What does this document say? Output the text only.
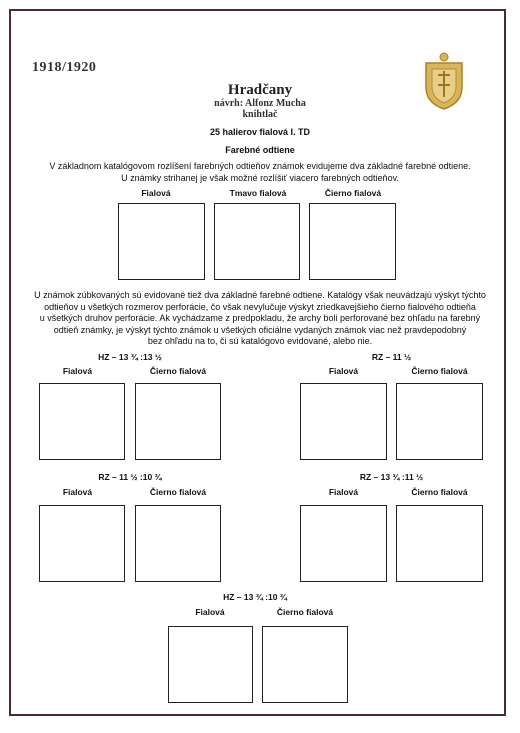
1918/1920
Hradčany
návrh: Alfonz Mucha
knihtlač
25 halierov fialová I. TD
Farebné odtiene
V základnom katalógovom rozlíšení farebných odtieňov známok evidujeme dva základné farebné odtiene.
U známky strihanej je však možné rozlíšiť viacero farebných odtieňov.
Fialová	Tmavo fialová	Čierno fialová
U známok zúbkovaných sú evidované tiež dva základné farebné odtiene. Katalógy však neuvádzajú výskyt týchto
odtieňov u všetkých rozmerov perforácie, čo však nevylučuje výskyt zriedkavejšieho čierno fialového odtieňa
u všetkých druhov perforácie. Ak vychádzame z predpokladu, že archy boli perforované bez ohľadu na farebný
odtieň známky, je výskyt týchto známok u všetkých oficiálne vydaných známok viac než pravdepodobný
bez ohľadu na to, či sú katalógovo evidované, alebo nie.
HZ – 13 ¾ :13 ½
Fialová	Čierno fialová
RZ – 11 ½
Fialová	Čierno fialová
RZ – 11 ½ :10 ¾
Fialová	Čierno fialová
RZ – 13 ¾ :11 ½
Fialová	Čierno fialová
HZ – 13 ¾ :10 ¾
Fialová	Čierno fialová
